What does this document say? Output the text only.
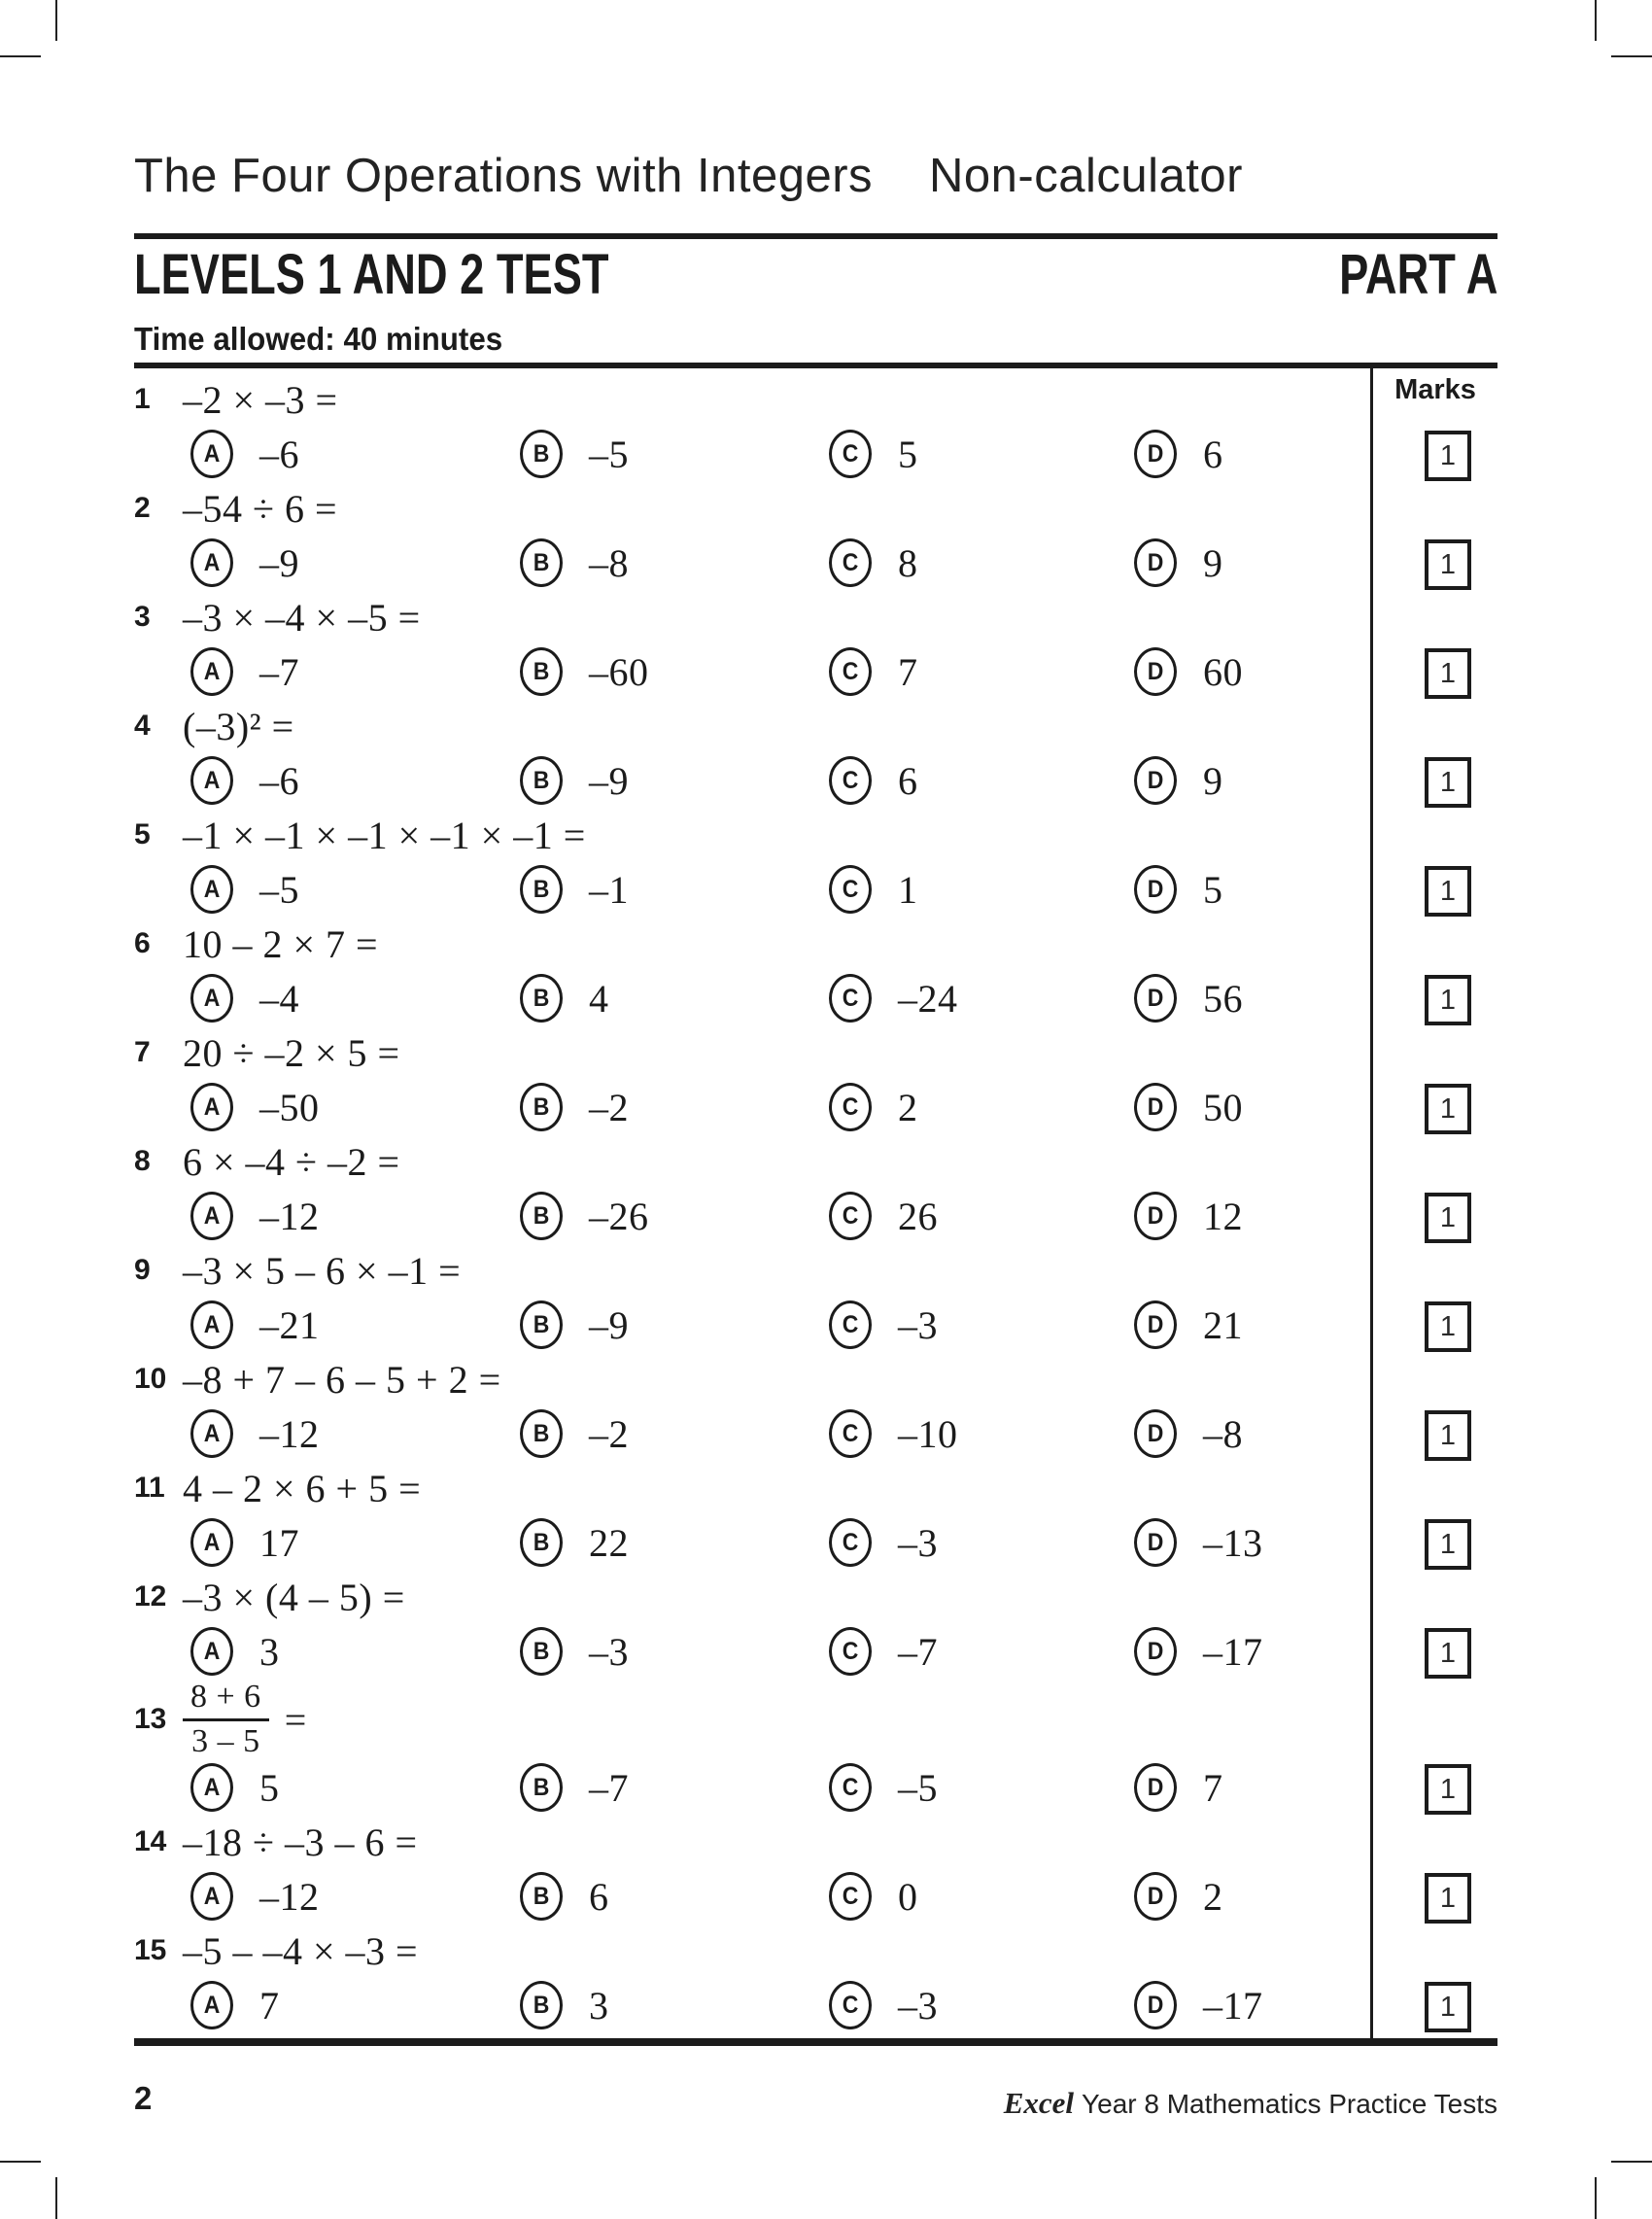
The Four Operations with Integers Non-calculator
LEVELS 1 AND 2 TEST	PART A
Time allowed: 40 minutes
Marks
1 –2 × –3 =
A –6	B –5	C 5	D 6	1
2 –54 ÷ 6 =
A –9	B –8	C 8	D 9	1
3 –3 × –4 × –5 =
A –7	B –60	C 7	D 60	1
4 (–3)² =
A –6	B –9	C 6	D 9	1
5 –1 × –1 × –1 × –1 × –1 =
A –5	B –1	C 1	D 5	1
6 10 – 2 × 7 =
A –4	B 4	C –24	D 56	1
7 20 ÷ –2 × 5 =
A –50	B –2	C 2	D 50	1
8 6 × –4 ÷ –2 =
A –12	B –26	C 26	D 12	1
9 –3 × 5 – 6 × –1 =
A –21	B –9	C –3	D 21	1
10 –8 + 7 – 6 – 5 + 2 =
A –12	B –2	C –10	D –8	1
11 4 – 2 × 6 + 5 =
A 17	B 22	C –3	D –13	1
12 –3 × (4 – 5) =
A 3	B –3	C –7	D –17	1
$13 \frac{8 + 6}{3 - 5}$ =
A 5	B –7	C –5	D 7	1
14 –18 ÷ –3 – 6 =
A –12	B 6	C 0	D 2	1
15 –5 – –4 × –3 =
A 7	B 3	C –3	D –17	1
2	Excel Year 8 Mathematics Practice Tests
